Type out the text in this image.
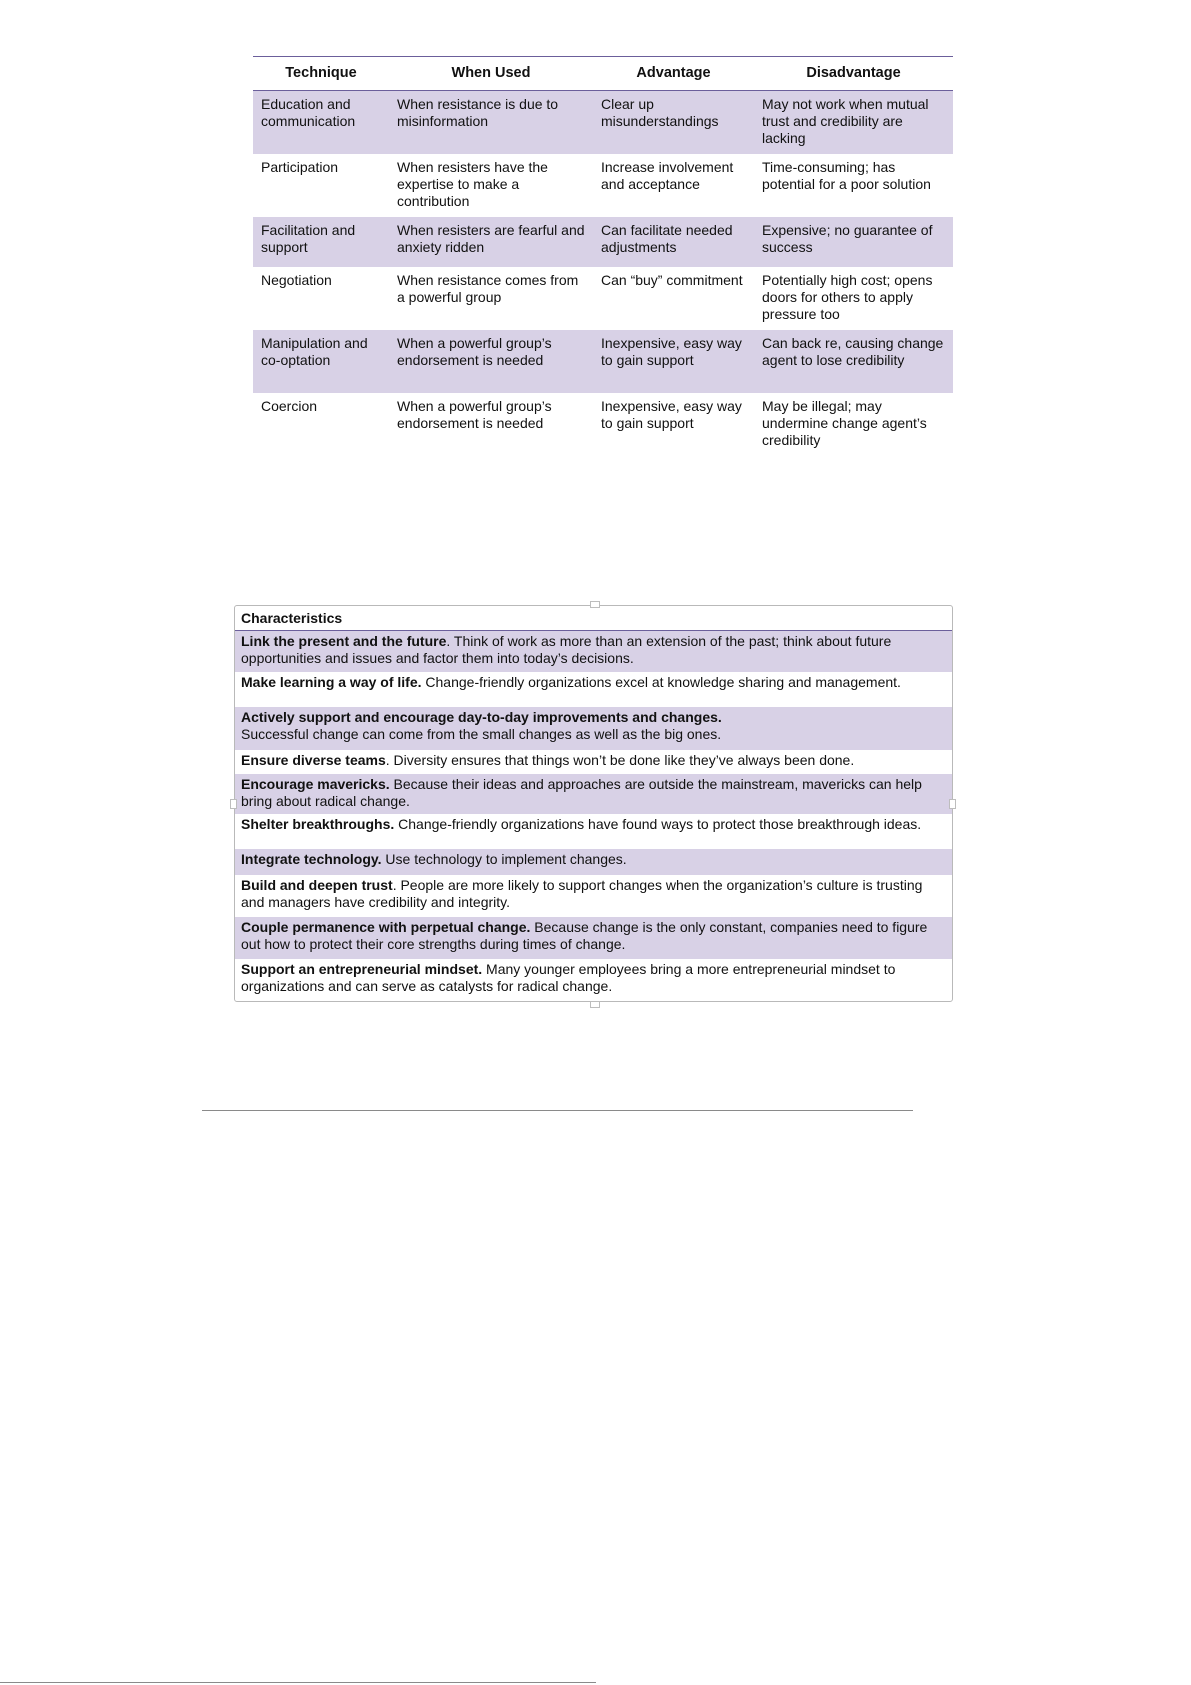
Technique	When Used	Advantage	Disadvantage
Education and communication	When resistance is due to misinformation	Clear up misunderstandings	May not work when mutual trust and credibility are lacking
Participation	When resisters have the expertise to make a contribution	Increase involvement and acceptance	Time-consuming; has potential for a poor solution
Facilitation and support	When resisters are fearful and anxiety ridden	Can facilitate needed adjustments	Expensive; no guarantee of success
Negotiation	When resistance comes from a powerful group	Can “buy” commitment	Potentially high cost; opens doors for others to apply pressure too
Manipulation and co-optation	When a powerful group’s endorsement is needed	Inexpensive, easy way to gain support	Can back re, causing change agent to lose credibility
Coercion	When a powerful group’s endorsement is needed	Inexpensive, easy way to gain support	May be illegal; may undermine change agent’s credibility
Characteristics
Link the present and the future. Think of work as more than an extension of the past; think about future opportunities and issues and factor them into today’s decisions.
Make learning a way of life. Change-friendly organizations excel at knowledge sharing and management.
Actively support and encourage day-to-day improvements and changes.
Successful change can come from the small changes as well as the big ones.
Ensure diverse teams. Diversity ensures that things won’t be done like they’ve always been done.
Encourage mavericks. Because their ideas and approaches are outside the mainstream, mavericks can help bring about radical change.
Shelter breakthroughs. Change-friendly organizations have found ways to protect those breakthrough ideas.
Integrate technology. Use technology to implement changes.
Build and deepen trust. People are more likely to support changes when the organization’s culture is trusting and managers have credibility and integrity.
Couple permanence with perpetual change. Because change is the only constant, companies need to figure out how to protect their core strengths during times of change.
Support an entrepreneurial mindset. Many younger employees bring a more entrepreneurial mindset to organizations and can serve as catalysts for radical change.
